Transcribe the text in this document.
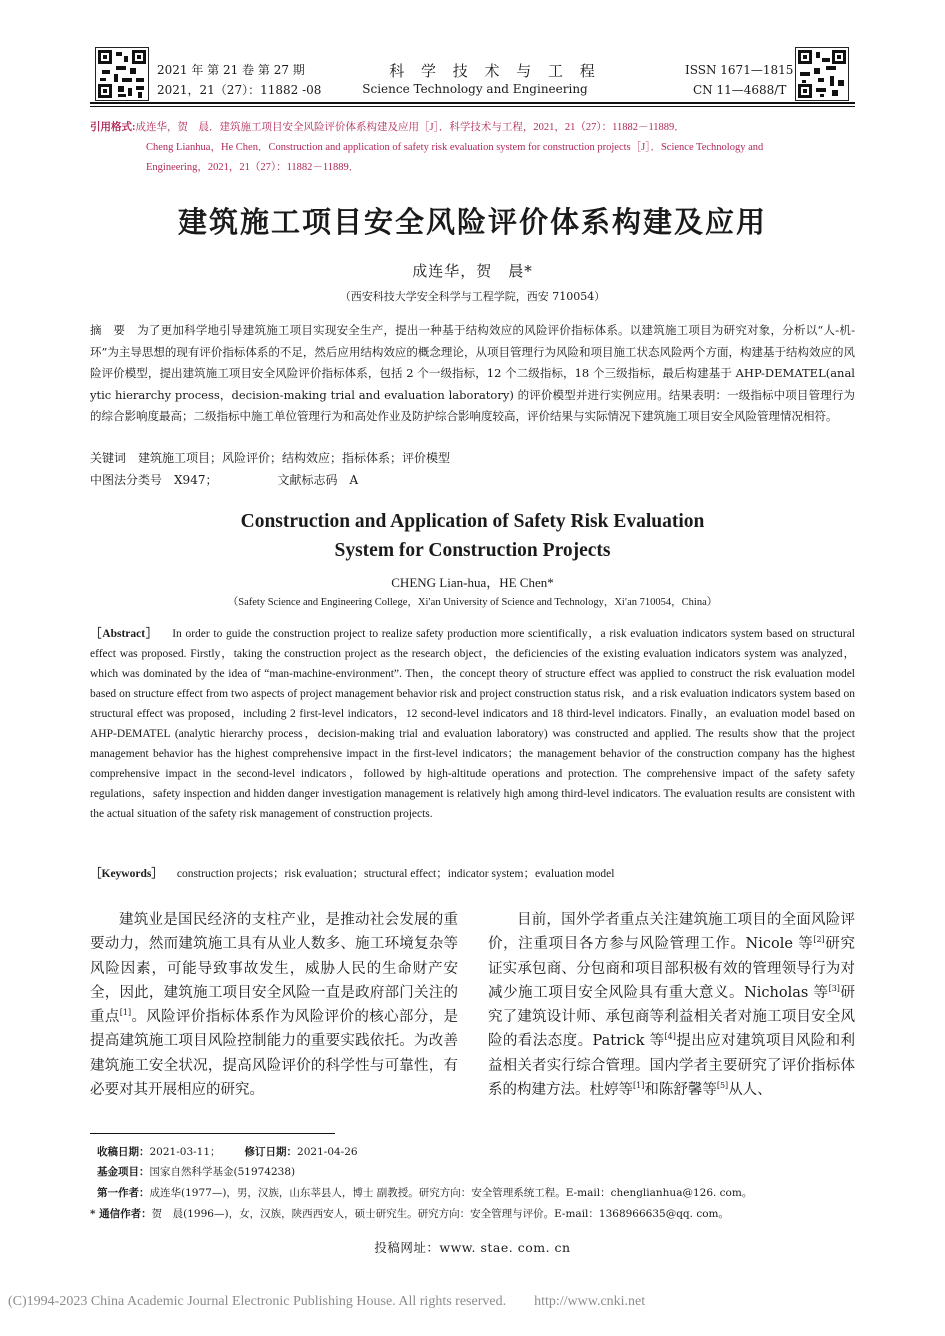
2021 年 第 21 卷 第 27 期
2021，21（27）：11882 -08
科 学 技 术 与 工 程
Science Technology and Engineering
ISSN 1671—1815
CN 11—4688/T
引用格式:成连华，贺　晨．建筑施工项目安全风险评价体系构建及应用［J］．科学技术与工程，2021，21（27）：11882－11889．
Cheng Lianhua，He Chen．Construction and application of safety risk evaluation system for construction projects［J］．Science Technology and
Engineering，2021，21（27）：11882－11889．
建筑施工项目安全风险评价体系构建及应用
成连华，贺　晨*
（西安科技大学安全科学与工程学院，西安 710054）
摘　要 为了更加科学地引导建筑施工项目实现安全生产，提出一种基于结构效应的风险评价指标体系。以建筑施工项目为研究对象，分析以“人-机-环”为主导思想的现有评价指标体系的不足，然后应用结构效应的概念理论，从项目管理行为风险和项目施工状态风险两个方面，构建基于结构效应的风险评价模型，提出建筑施工项目安全风险评价指标体系，包括 2 个一级指标，12 个二级指标，18 个三级指标，最后构建基于 AHP-DEMATEL(analytic hierarchy process，decision-making trial and evaluation laboratory) 的评价模型并进行实例应用。结果表明：一级指标中项目管理行为的综合影响度最高；二级指标中施工单位管理行为和高处作业及防护综合影响度较高，评价结果与实际情况下建筑施工项目安全风险管理情况相符。
关键词 建筑施工项目；风险评价；结构效应；指标体系；评价模型
中图法分类号 X947；	文献标志码 A
Construction and Application of Safety Risk Evaluation
System for Construction Projects
CHENG Lian-hua，HE Chen*
（Safety Science and Engineering College，Xi′an University of Science and Technology，Xi′an 710054，China）
［Abstract］ In order to guide the construction project to realize safety production more scientifically，a risk evaluation indicators system based on structural effect was proposed. Firstly，taking the construction project as the research object，the deficiencies of the existing evaluation indicators system was analyzed，which was dominated by the idea of “man-machine-environment”. Then，the concept theory of structure effect was applied to construct the risk evaluation model based on structure effect from two aspects of project management behavior risk and project construction status risk，and a risk evaluation indicators system based on structural effect was proposed，including 2 first-level indicators，12 second-level indicators and 18 third-level indicators. Finally，an evaluation model based on AHP-DEMATEL (analytic hierarchy process，decision-making trial and evaluation laboratory) was constructed and applied. The results show that the project management behavior has the highest comprehensive impact in the first-level indicators；the management behavior of the construction company has the highest comprehensive impact in the second-level indicators，followed by high-altitude operations and protection. The comprehensive impact of the safety safety regulations，safety inspection and hidden danger investigation management is relatively high among third-level indicators. The evaluation results are consistent with the actual situation of the safety risk management of construction projects.
［Keywords］ construction projects；risk evaluation；structural effect；indicator system；evaluation model
建筑业是国民经济的支柱产业，是推动社会发展的重要动力，然而建筑施工具有从业人数多、施工环境复杂等风险因素，可能导致事故发生，威胁人民的生命财产安全，因此，建筑施工项目安全风险一直是政府部门关注的重点[1]。风险评价指标体系作为风险评价的核心部分，是提高建筑施工项目风险控制能力的重要实践依托。为改善建筑施工安全状况，提高风险评价的科学性与可靠性，有必要对其开展相应的研究。
目前，国外学者重点关注建筑施工项目的全面风险评价，注重项目各方参与风险管理工作。Nicole 等[2]研究证实承包商、分包商和项目部积极有效的管理领导行为对减少施工项目安全风险具有重大意义。Nicholas 等[3]研究了建筑设计师、承包商等利益相关者对施工项目安全风险的看法态度。Patrick 等[4]提出应对建筑项目风险和利益相关者实行综合管理。国内学者主要研究了评价指标体系的构建方法。杜婷等[1]和陈舒馨等[5]从人、
收稿日期：2021-03-11； 修订日期：2021-04-26
基金项目：国家自然科学基金(51974238)
第一作者：成连华(1977—)，男，汉族，山东莘县人，博士 副教授。研究方向：安全管理系统工程。E-mail：chenglianhua@126. com。
* 通信作者：贺　晨(1996—)，女，汉族，陕西西安人，硕士研究生。研究方向：安全管理与评价。E-mail：1368966635@qq. com。
投稿网址：www. stae. com. cn
(C)1994-2023 China Academic Journal Electronic Publishing House. All rights reserved.　　http://www.cnki.net
